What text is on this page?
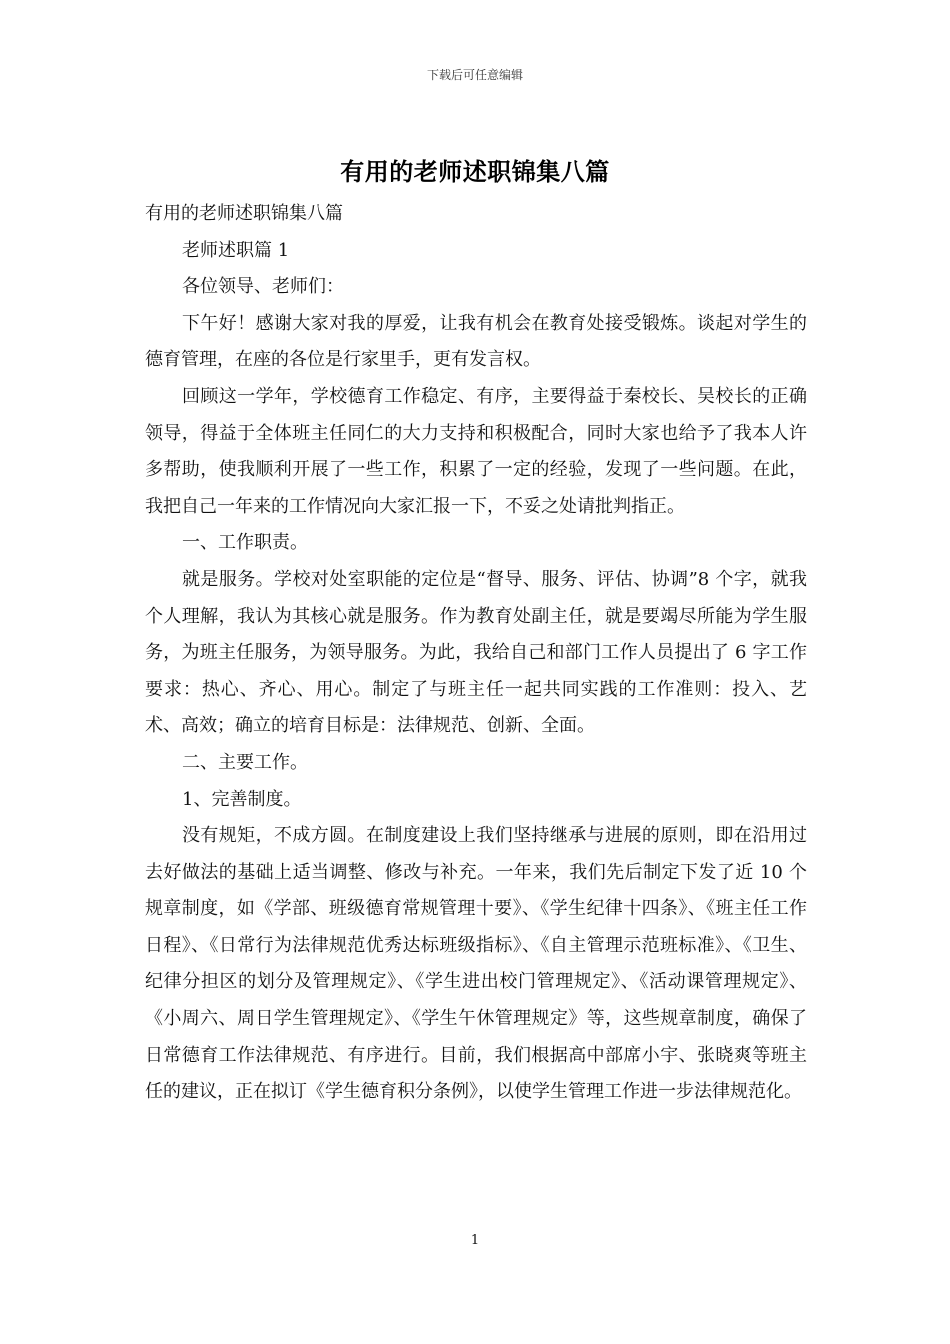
下载后可任意编辑
有用的老师述职锦集八篇

有用的老师述职锦集八篇

老师述职篇 1

各位领导、老师们：

下午好！感谢大家对我的厚爱，让我有机会在教育处接受锻炼。谈起对学生的德育管理，在座的各位是行家里手，更有发言权。

回顾这一学年，学校德育工作稳定、有序，主要得益于秦校长、吴校长的正确领导，得益于全体班主任同仁的大力支持和积极配合，同时大家也给予了我本人许多帮助，使我顺利开展了一些工作，积累了一定的经验，发现了一些问题。在此，我把自己一年来的工作情况向大家汇报一下，不妥之处请批判指正。

一、工作职责。

就是服务。学校对处室职能的定位是“督导、服务、评估、协调”8 个字，就我个人理解，我认为其核心就是服务。作为教育处副主任，就是要竭尽所能为学生服务，为班主任服务，为领导服务。为此，我给自己和部门工作人员提出了 6 字工作要求：热心、齐心、用心。制定了与班主任一起共同实践的工作准则：投入、艺术、高效；确立的培育目标是：法律规范、创新、全面。

二、主要工作。

1、完善制度。

没有规矩，不成方圆。在制度建设上我们坚持继承与进展的原则，即在沿用过去好做法的基础上适当调整、修改与补充。一年来，我们先后制定下发了近 10 个规章制度，如《学部、班级德育常规管理十要》、《学生纪律十四条》、《班主任工作日程》、《日常行为法律规范优秀达标班级指标》、《自主管理示范班标准》、《卫生、纪律分担区的划分及管理规定》、《学生进出校门管理规定》、《活动课管理规定》、《小周六、周日学生管理规定》、《学生午休管理规定》等，这些规章制度，确保了日常德育工作法律规范、有序进行。目前，我们根据高中部席小宇、张晓爽等班主任的建议，正在拟订《学生德育积分条例》，以使学生管理工作进一步法律规范化。

1
